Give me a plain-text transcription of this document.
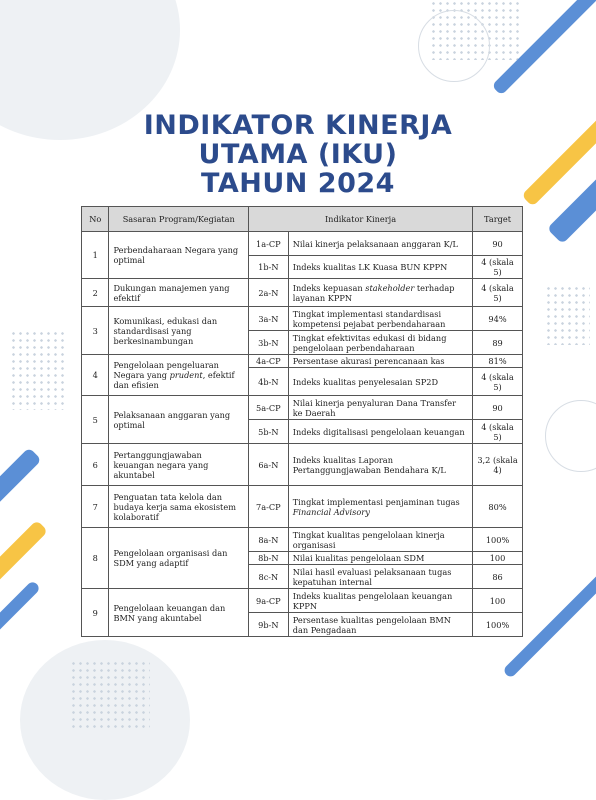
INDIKATOR KINERJA
UTAMA (IKU)
TAHUN 2024
No	Sasaran Program/Kegiatan	Indikator Kinerja		Target
1	Perbendaharaan Negara yang optimal	1a-CP	Nilai kinerja pelaksanaan anggaran K/L	90
		1b-N	Indeks kualitas LK Kuasa BUN KPPN	4 (skala 5)
2	Dukungan manajemen yang efektif	2a-N	Indeks kepuasan stakeholder terhadap layanan KPPN	4 (skala 5)
3	Komunikasi, edukasi dan standardisasi yang berkesinambungan	3a-N	Tingkat implementasi standardisasi kompetensi pejabat perbendaharaan	94%
		3b-N	Tingkat efektivitas edukasi di bidang pengelolaan perbendaharaan	89
4	Pengelolaan pengeluaran Negara yang prudent, efektif dan efisien	4a-CP	Persentase akurasi perencanaan kas	81%
		4b-N	Indeks kualitas penyelesaian SP2D	4 (skala 5)
5	Pelaksanaan anggaran yang optimal	5a-CP	Nilai kinerja penyaluran Dana Transfer ke Daerah	90
		5b-N	Indeks digitalisasi pengelolaan keuangan	4 (skala 5)
6	Pertanggungjawaban keuangan negara yang akuntabel	6a-N	Indeks kualitas Laporan Pertanggungjawaban Bendahara K/L	3,2 (skala 4)
7	Penguatan tata kelola dan budaya kerja sama ekosistem kolaboratif	7a-CP	Tingkat implementasi penjaminan tugas Financial Advisory	80%
8	Pengelolaan organisasi dan SDM yang adaptif	8a-N	Tingkat kualitas pengelolaan kinerja organisasi	100%
		8b-N	Nilai kualitas pengelolaan SDM	100
		8c-N	Nilai hasil evaluasi pelaksanaan tugas kepatuhan internal	86
9	Pengelolaan keuangan dan BMN yang akuntabel	9a-CP	Indeks kualitas pengelolaan keuangan KPPN	100
		9b-N	Persentase kualitas pengelolaan BMN dan Pengadaan	100%
